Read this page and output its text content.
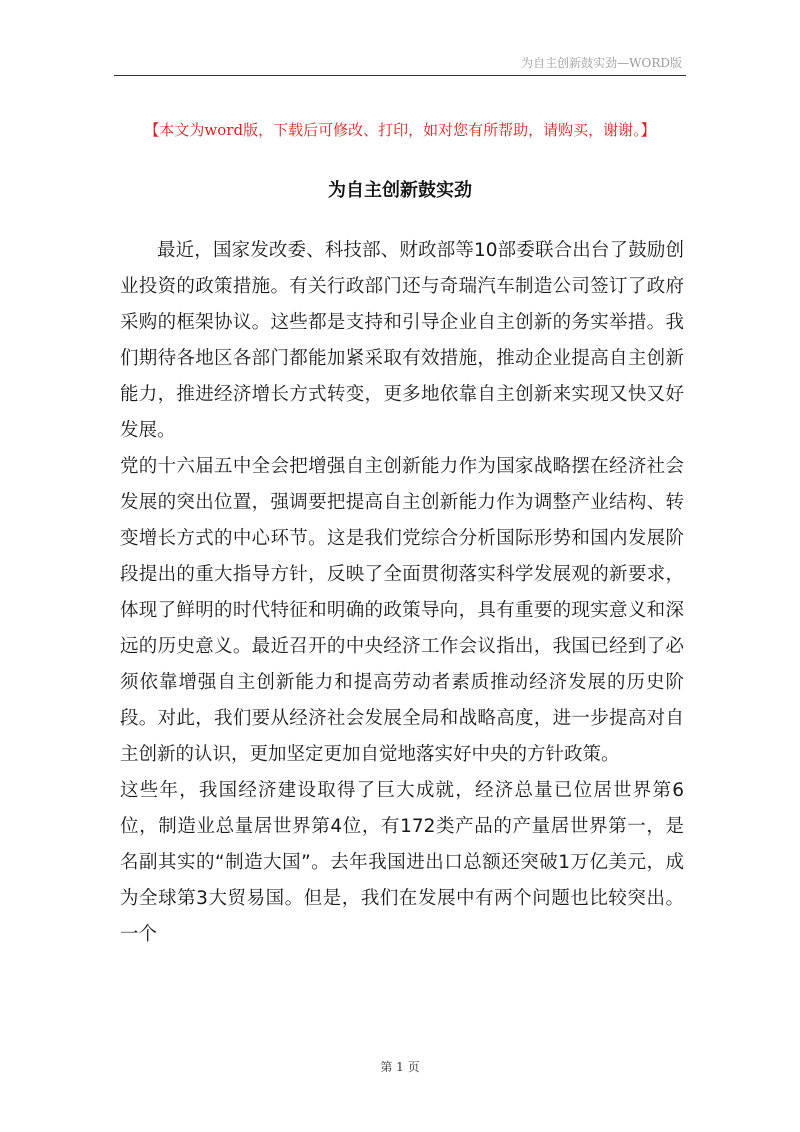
为自主创新鼓实劲—WORD版
【本文为word版，下载后可修改、打印，如对您有所帮助，请购买，谢谢。】
为自主创新鼓实劲

最近，国家发改委、科技部、财政部等10部委联合出台了鼓励创业投资的政策措施。有关行政部门还与奇瑞汽车制造公司签订了政府采购的框架协议。这些都是支持和引导企业自主创新的务实举措。我们期待各地区各部门都能加紧采取有效措施，推动企业提高自主创新能力，推进经济增长方式转变，更多地依靠自主创新来实现又快又好发展。

党的十六届五中全会把增强自主创新能力作为国家战略摆在经济社会发展的突出位置，强调要把提高自主创新能力作为调整产业结构、转变增长方式的中心环节。这是我们党综合分析国际形势和国内发展阶段提出的重大指导方针，反映了全面贯彻落实科学发展观的新要求，体现了鲜明的时代特征和明确的政策导向，具有重要的现实意义和深远的历史意义。最近召开的中央经济工作会议指出，我国已经到了必须依靠增强自主创新能力和提高劳动者素质推动经济发展的历史阶段。对此，我们要从经济社会发展全局和战略高度，进一步提高对自主创新的认识，更加坚定更加自觉地落实好中央的方针政策。

这些年，我国经济建设取得了巨大成就，经济总量已位居世界第6位，制造业总量居世界第4位，有172类产品的产量居世界第一，是名副其实的“制造大国”。去年我国进出口总额还突破1万亿美元，成为全球第3大贸易国。但是，我们在发展中有两个问题也比较突出。一个

第 1 页
